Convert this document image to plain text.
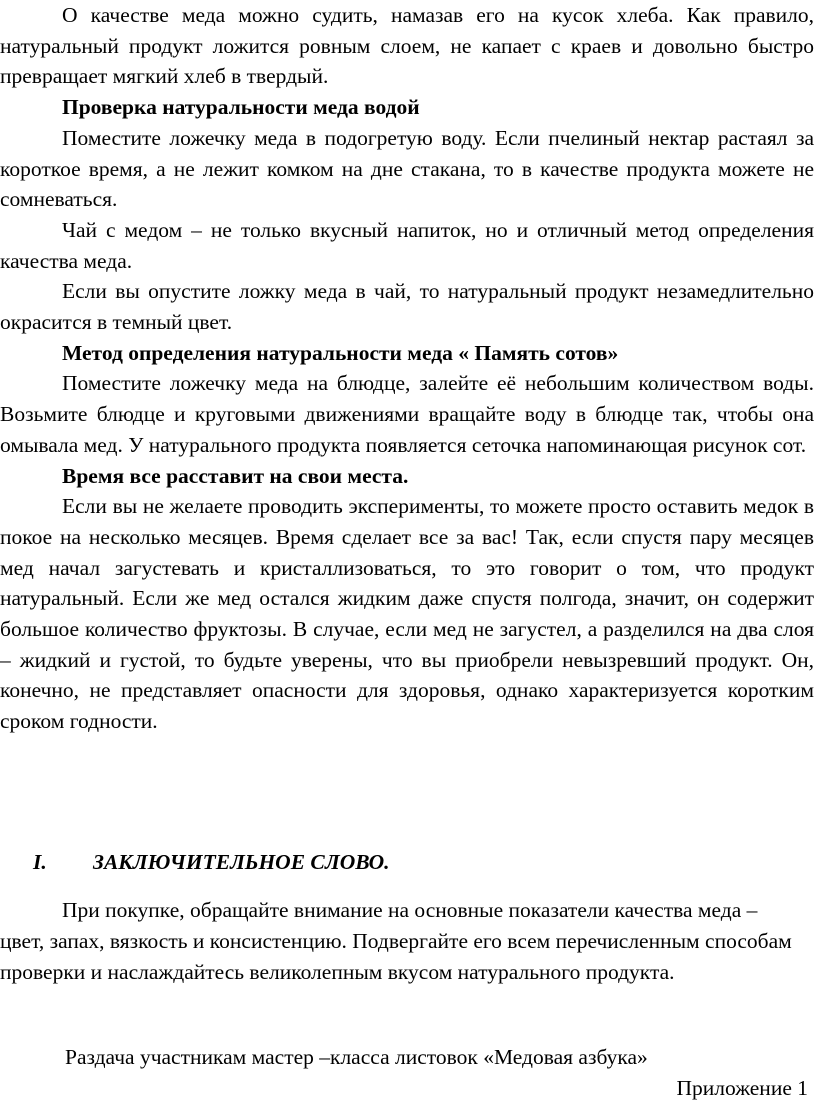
О качестве меда можно судить, намазав его на кусок хлеба. Как правило, натуральный продукт ложится ровным слоем, не капает с краев и довольно быстро превращает мягкий хлеб в твердый.

Проверка натуральности меда водой

Поместите ложечку меда в подогретую воду. Если пчелиный нектар растаял за короткое время, а не лежит комком на дне стакана, то в качестве продукта можете не сомневаться.

Чай с медом – не только вкусный напиток, но и отличный метод определения качества меда.

Если вы опустите ложку меда в чай, то натуральный продукт незамедлительно окрасится в темный цвет.

Метод определения натуральности меда « Память сотов»

Поместите ложечку меда на блюдце, залейте её небольшим количеством воды. Возьмите блюдце и круговыми движениями вращайте воду в блюдце так, чтобы она омывала мед. У натурального продукта появляется сеточка напоминающая рисунок сот.

Время все расставит на свои места.

Если вы не желаете проводить эксперименты, то можете просто оставить медок в покое на несколько месяцев. Время сделает все за вас! Так, если спустя пару месяцев мед начал загустевать и кристаллизоваться, то это говорит о том, что продукт натуральный. Если же мед остался жидким даже спустя полгода, значит, он содержит большое количество фруктозы. В случае, если мед не загустел, а разделился на два слоя – жидкий и густой, то будьте уверены, что вы приобрели невызревший продукт. Он, конечно, не представляет опасности для здоровья, однако характеризуется коротким сроком годности.

I. ЗАКЛЮЧИТЕЛЬНОЕ СЛОВО.

При покупке, обращайте внимание на основные показатели качества меда –цвет, запах, вязкость и консистенцию. Подвергайте его всем перечисленным способам проверки и наслаждайтесь великолепным вкусом натурального продукта.

Раздача участникам мастер –класса листовок «Медовая азбука»
Приложение 1
